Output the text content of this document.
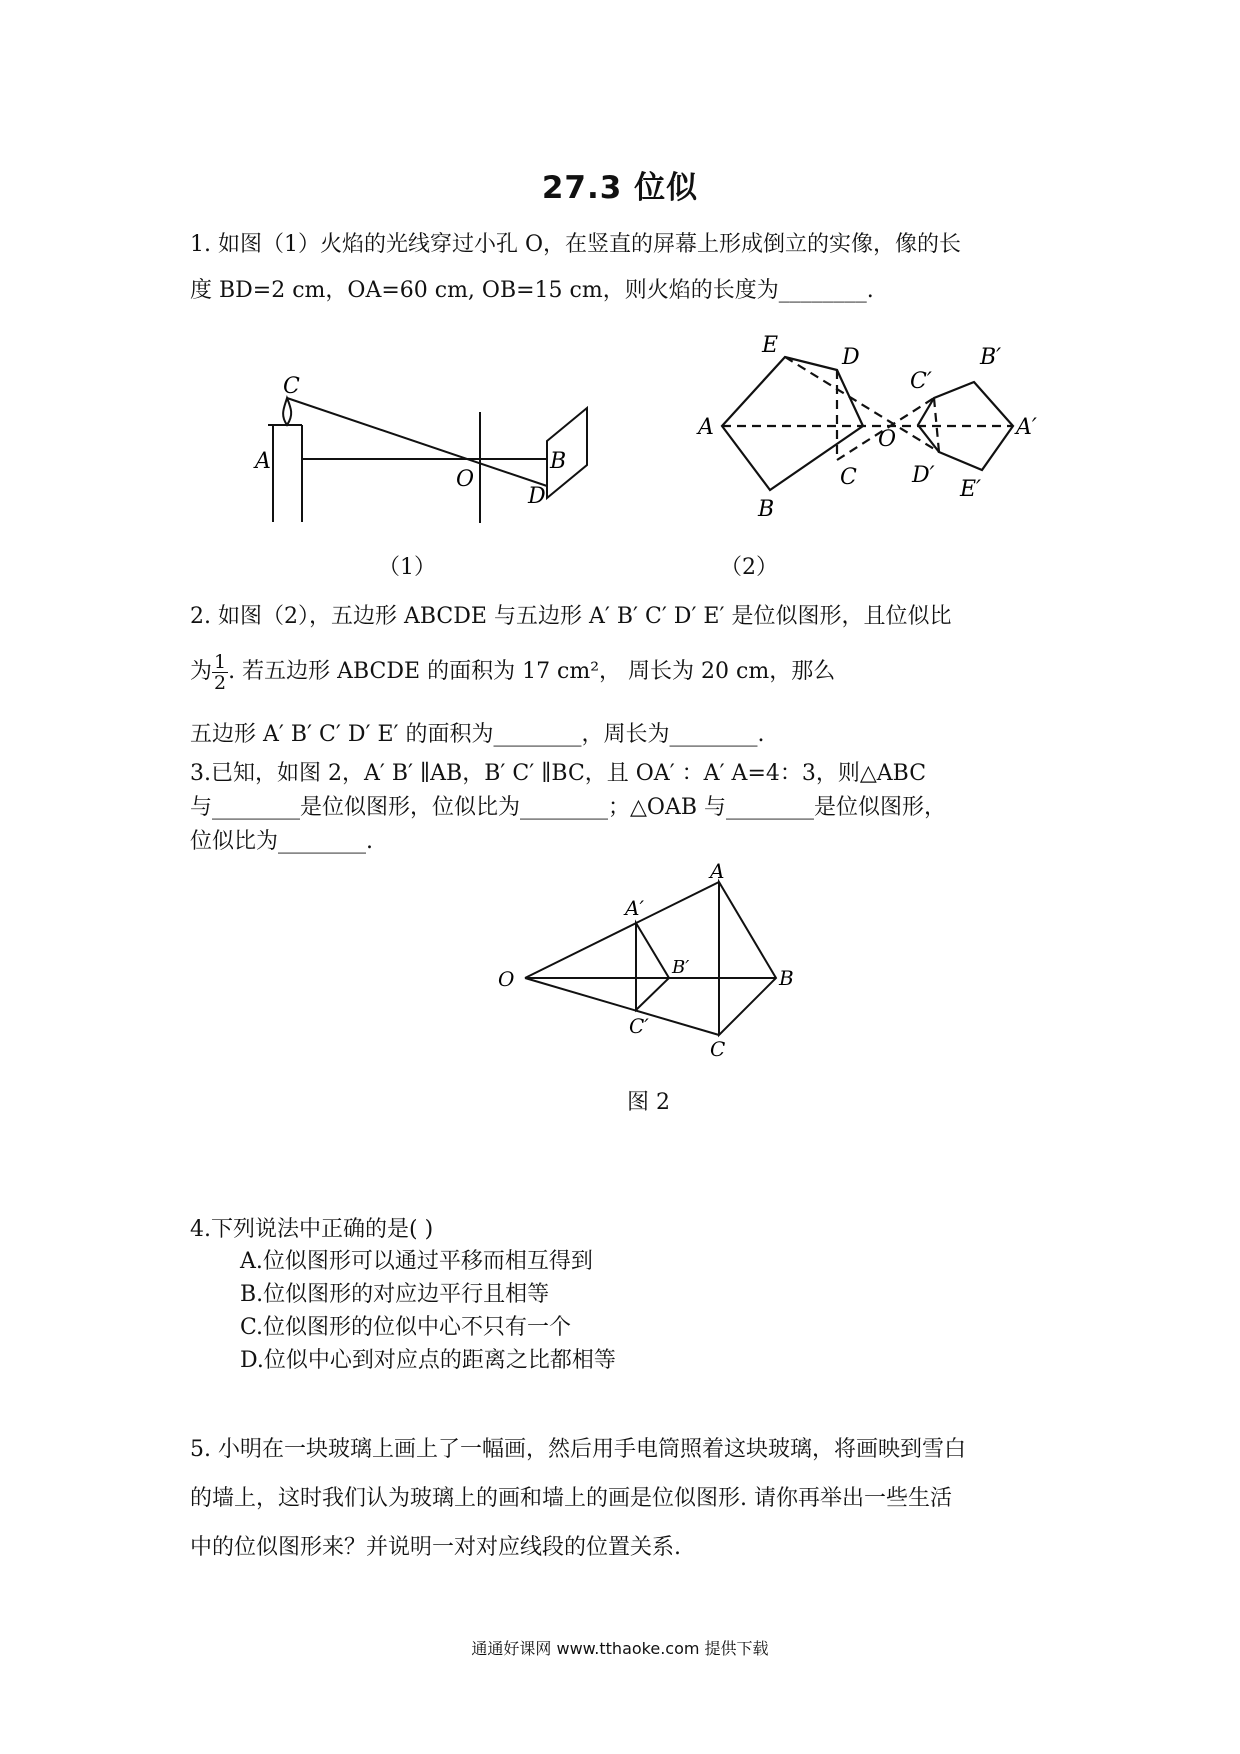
27.3 位似
1. 如图（1）火焰的光线穿过小孔 O，在竖直的屏幕上形成倒立的实像，像的长
度 BD=2 cm，OA=60 cm, OB=15 cm，则火焰的长度为________.
C
A
O
B
D
（1）
E	D
A
C
B
O
C′
B′
A′
D′
E′
（2）
2. 如图（2），五边形 ABCDE 与五边形 A′ B′ C′ D′ E′ 是位似图形，且位似比
为 $\frac{1}{2}$ . 若五边形 ABCDE 的面积为 17 cm²， 周长为 20 cm，那么
五边形 A′ B′ C′ D′ E′ 的面积为________，周长为________.
3.已知，如图 2，A′ B′ ∥AB，B′ C′ ∥BC，且 OA′ ：A′ A=4：3，则△ABC
与________是位似图形，位似比为________；△OAB 与________是位似图形，
位似比为________.
O
A
A′
B
B′
C
C′
图 2
4.下列说法中正确的是( )
A.位似图形可以通过平移而相互得到
B.位似图形的对应边平行且相等
C.位似图形的位似中心不只有一个
D.位似中心到对应点的距离之比都相等
5. 小明在一块玻璃上画上了一幅画，然后用手电筒照着这块玻璃，将画映到雪白
的墙上，这时我们认为玻璃上的画和墙上的画是位似图形. 请你再举出一些生活
中的位似图形来？并说明一对对应线段的位置关系.
通通好课网 www.tthaoke.com 提供下载
